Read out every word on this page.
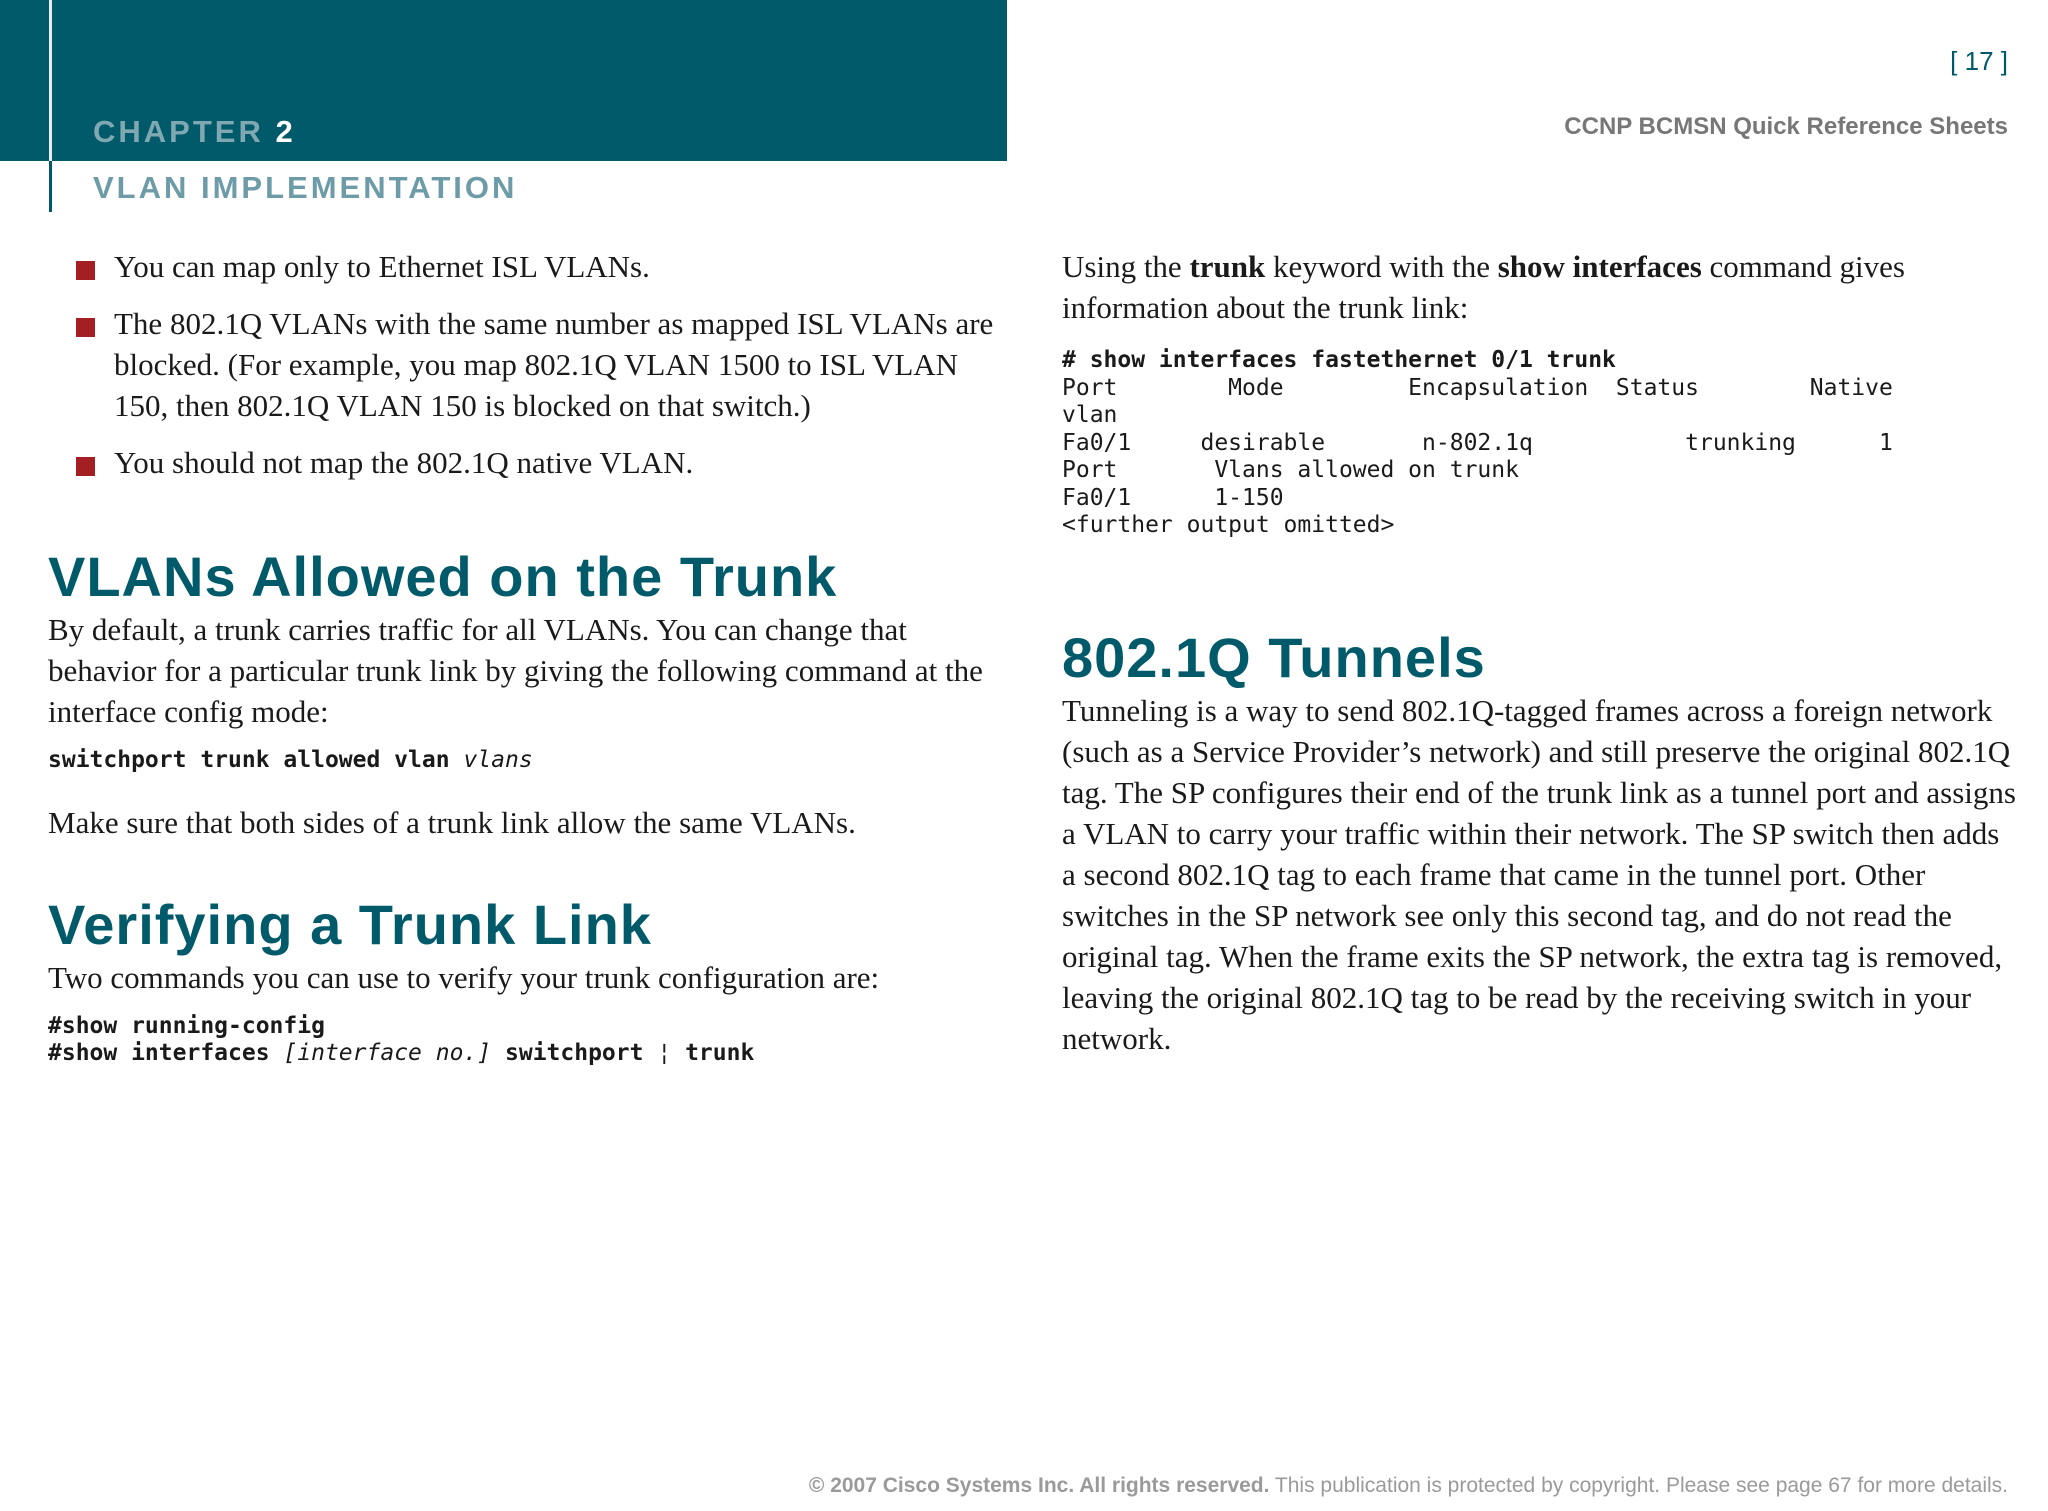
CHAPTER 2
VLAN IMPLEMENTATION
[ 17 ]
CCNP BCMSN Quick Reference Sheets
You can map only to Ethernet ISL VLANs.
The 802.1Q VLANs with the same number as mapped ISL VLANs are blocked. (For example, you map 802.1Q VLAN 1500 to ISL VLAN 150, then 802.1Q VLAN 150 is blocked on that switch.)
You should not map the 802.1Q native VLAN.
VLANs Allowed on the Trunk

By default, a trunk carries traffic for all VLANs. You can change that behavior for a particular trunk link by giving the following command at the interface config mode:

switchport trunk allowed vlan vlans

Make sure that both sides of a trunk link allow the same VLANs.

Verifying a Trunk Link

Two commands you can use to verify your trunk configuration are:

#show running-config
#show interfaces [interface no.] switchport ¦ trunk

Using the trunk keyword with the show interfaces command gives information about the trunk link:

# show interfaces fastethernet 0/1 trunk
Port        Mode         Encapsulation  Status        Native
vlan
Fa0/1     desirable       n-802.1q           trunking      1
Port       Vlans allowed on trunk
Fa0/1      1-150
<further output omitted>
802.1Q Tunnels

Tunneling is a way to send 802.1Q-tagged frames across a foreign network (such as a Service Provider’s network) and still preserve the original 802.1Q tag. The SP configures their end of the trunk link as a tunnel port and assigns a VLAN to carry your traffic within their network. The SP switch then adds a second 802.1Q tag to each frame that came in the tunnel port. Other switches in the SP network see only this second tag, and do not read the original tag. When the frame exits the SP network, the extra tag is removed, leaving the original 802.1Q tag to be read by the receiving switch in your network.

© 2007 Cisco Systems Inc. All rights reserved. This publication is protected by copyright. Please see page 67 for more details.
